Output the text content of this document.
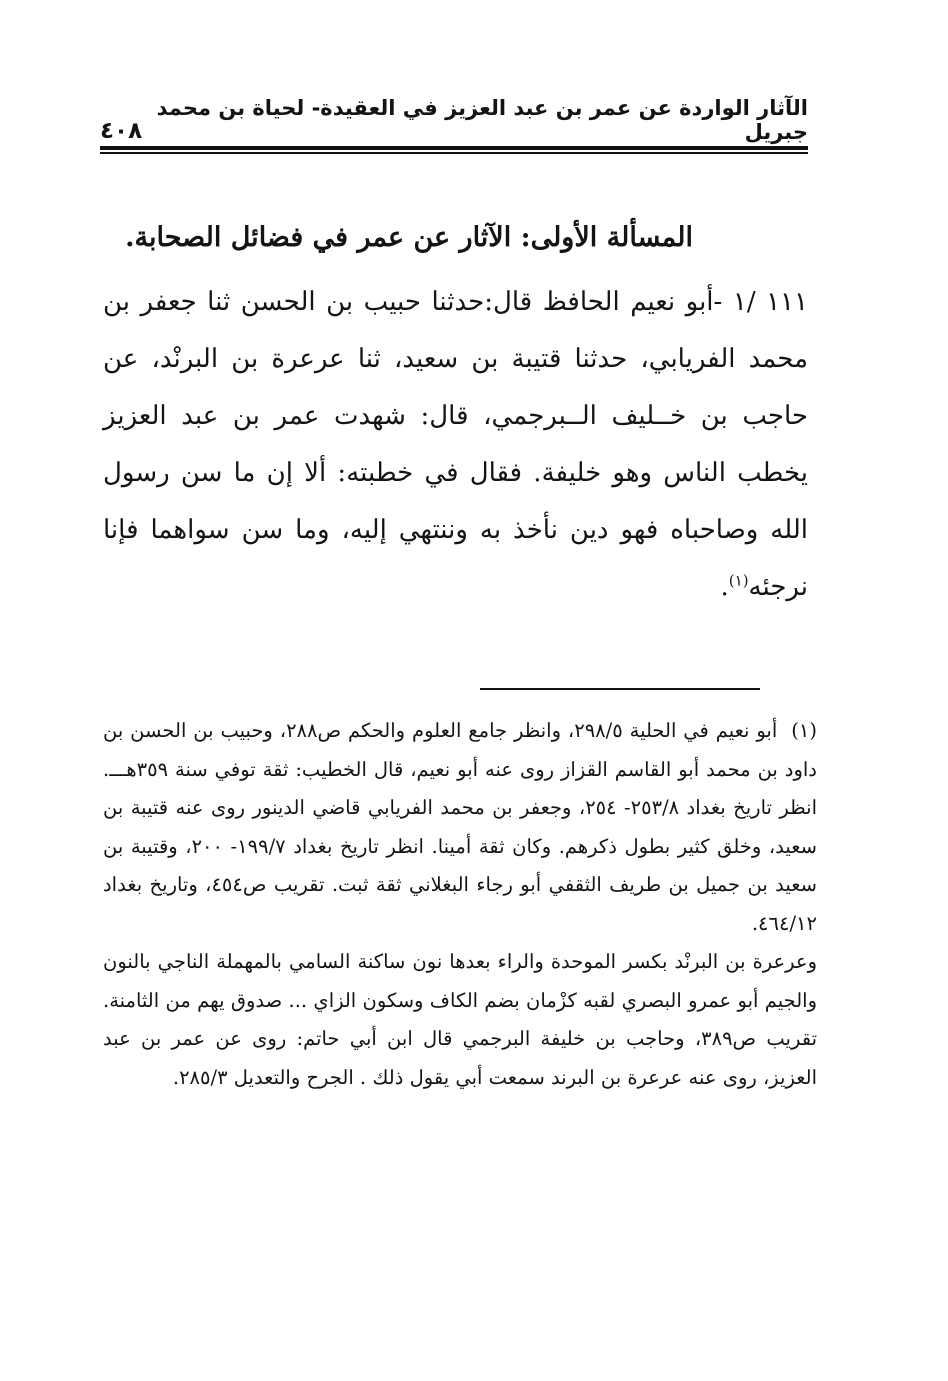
الآثار الواردة عن عمر بن عبد العزيز في العقيدة- لحياة بن محمد جبريل
٤٠٨
المسألة الأولى: الآثار عن عمر في فضائل الصحابة.

١١١ /١ -أبو نعيم الحافظ قال:حدثنا حبيب بن الحسن ثنا جعفر بن محمد الفريابي، حدثنا قتيبة بن سعيد، ثنا عرعرة بن البرنْد، عن حاجب بن خــليف الــبرجمي، قال: شهدت عمر بن عبد العزيز يخطب الناس وهو خليفة. فقال في خطبته: ألا إن ما سن رسول الله وصاحباه فهو دين نأخذ به وننتهي إليه، وما سن سواهما فإنا نرجئه$^{(١)}$.

(١)أبو نعيم في الحلية ٢٩٨/٥، وانظر جامع العلوم والحكم ص٢٨٨، وحبيب بن الحسن بن داود بن محمد أبو القاسم القزاز روى عنه أبو نعيم، قال الخطيب: ثقة توفي سنة ٣٥٩هـــ. انظر تاريخ بغداد ٢٥٣/٨- ٢٥٤، وجعفر بن محمد الفريابي قاضي الدينور روى عنه قتيبة بن سعيد، وخلق كثير بطول ذكرهم. وكان ثقة أمينا. انظر تاريخ بغداد ١٩٩/٧- ٢٠٠، وقتيبة بن سعيد بن جميل بن طريف الثقفي أبو رجاء البغلاني ثقة ثبت. تقريب ص٤٥٤، وتاريخ بغداد ٤٦٤/١٢.

وعرعرة بن البرنْد بكسر الموحدة والراء بعدها نون ساكنة السامي بالمهملة الناجي بالنون والجيم أبو عمرو البصري لقبه كزْمان بضم الكاف وسكون الزاي ... صدوق يهم من الثامنة. تقريب ص٣٨٩، وحاجب بن خليفة البرجمي قال ابن أبي حاتم: روى عن عمر بن عبد العزيز، روى عنه عرعرة بن البرند سمعت أبي يقول ذلك . الجرح والتعديل ٢٨٥/٣.
